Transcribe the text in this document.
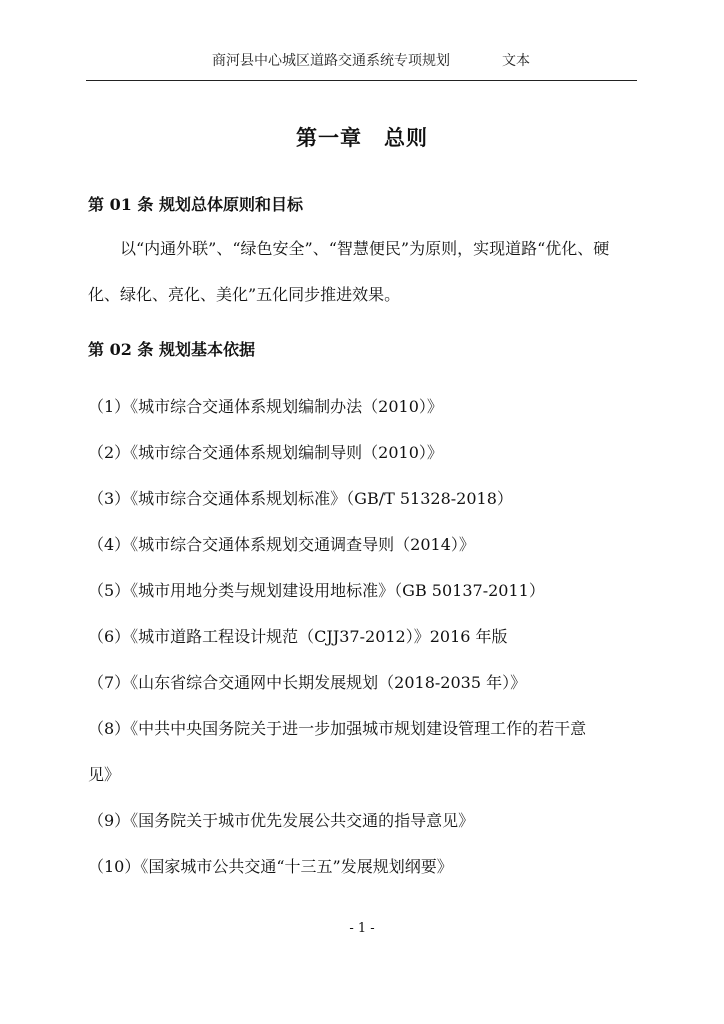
商河县中心城区道路交通系统专项规划	文本
第一章　总则
第 01 条 规划总体原则和目标
以“内通外联”、“绿色安全”、“智慧便民”为原则，实现道路“优化、硬
化、绿化、亮化、美化”五化同步推进效果。
第 02 条 规划基本依据
（1）《城市综合交通体系规划编制办法（2010）》
（2）《城市综合交通体系规划编制导则（2010）》
（3）《城市综合交通体系规划标准》（GB/T 51328-2018）
（4）《城市综合交通体系规划交通调查导则（2014）》
（5）《城市用地分类与规划建设用地标准》（GB 50137-2011）
（6）《城市道路工程设计规范（CJJ37-2012）》2016 年版
（7）《山东省综合交通网中长期发展规划（2018-2035 年）》
（8）《中共中央国务院关于进一步加强城市规划建设管理工作的若干意
见》
（9）《国务院关于城市优先发展公共交通的指导意见》
（10）《国家城市公共交通“十三五”发展规划纲要》
- 1 -
